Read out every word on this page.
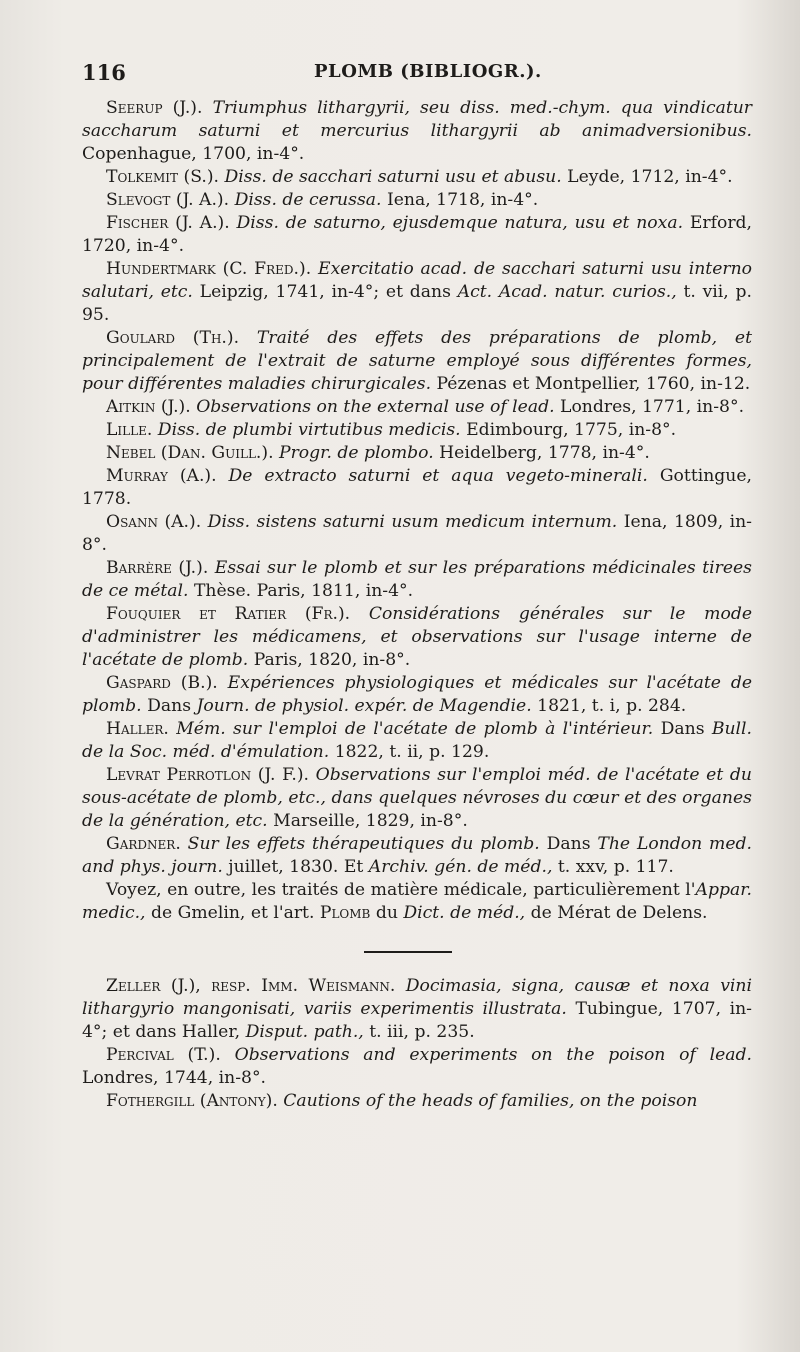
116	PLOMB (BIBLIOGR.).

Seerup (J.). Triumphus lithargyrii, seu diss. med.-chym. qua vindicatur saccharum saturni et mercurius lithargyrii ab animadversionibus. Copenhague, 1700, in-4°.

Tolkemit (S.). Diss. de sacchari saturni usu et abusu. Leyde, 1712, in-4°.

Slevogt (J. A.). Diss. de cerussa. Iena, 1718, in-4°.

Fischer (J. A.). Diss. de saturno, ejusdemque natura, usu et noxa. Erford, 1720, in-4°.

Hundertmark (C. Fred.). Exercitatio acad. de sacchari saturni usu interno salutari, etc. Leipzig, 1741, in-4°; et dans Act. Acad. natur. curios., t. vii, p. 95.

Goulard (Th.). Traité des effets des préparations de plomb, et principalement de l'extrait de saturne employé sous différentes formes, pour différentes maladies chirurgicales. Pézenas et Montpellier, 1760, in-12.

Aitkin (J.). Observations on the external use of lead. Londres, 1771, in-8°.

Lille. Diss. de plumbi virtutibus medicis. Edimbourg, 1775, in-8°.

Nebel (Dan. Guill.). Progr. de plombo. Heidelberg, 1778, in-4°.

Murray (A.). De extracto saturni et aqua vegeto-minerali. Gottingue, 1778.

Osann (A.). Diss. sistens saturni usum medicum internum. Iena, 1809, in-8°.

Barrère (J.). Essai sur le plomb et sur les préparations médicinales tirees de ce métal. Thèse. Paris, 1811, in-4°.

Fouquier et Ratier (Fr.). Considérations générales sur le mode d'administrer les médicamens, et observations sur l'usage interne de l'acétate de plomb. Paris, 1820, in-8°.

Gaspard (B.). Expériences physiologiques et médicales sur l'acétate de plomb. Dans Journ. de physiol. expér. de Magendie. 1821, t. i, p. 284.

Haller. Mém. sur l'emploi de l'acétate de plomb à l'intérieur. Dans Bull. de la Soc. méd. d'émulation. 1822, t. ii, p. 129.

Levrat Perrotlon (J. F.). Observations sur l'emploi méd. de l'acétate et du sous-acétate de plomb, etc., dans quelques névroses du cœur et des organes de la génération, etc. Marseille, 1829, in-8°.

Gardner. Sur les effets thérapeutiques du plomb. Dans The London med. and phys. journ. juillet, 1830. Et Archiv. gén. de méd., t. xxv, p. 117.

Voyez, en outre, les traités de matière médicale, particulièrement l'Appar. medic., de Gmelin, et l'art. Plomb du Dict. de méd., de Mérat de Delens.

Zeller (J.), resp. Imm. Weismann. Docimasia, signa, causæ et noxa vini lithargyrio mangonisati, variis experimentis illustrata. Tubingue, 1707, in-4°; et dans Haller, Disput. path., t. iii, p. 235.

Percival (T.). Observations and experiments on the poison of lead. Londres, 1744, in-8°.

Fothergill (Antony). Cautions of the heads of families, on the poison
